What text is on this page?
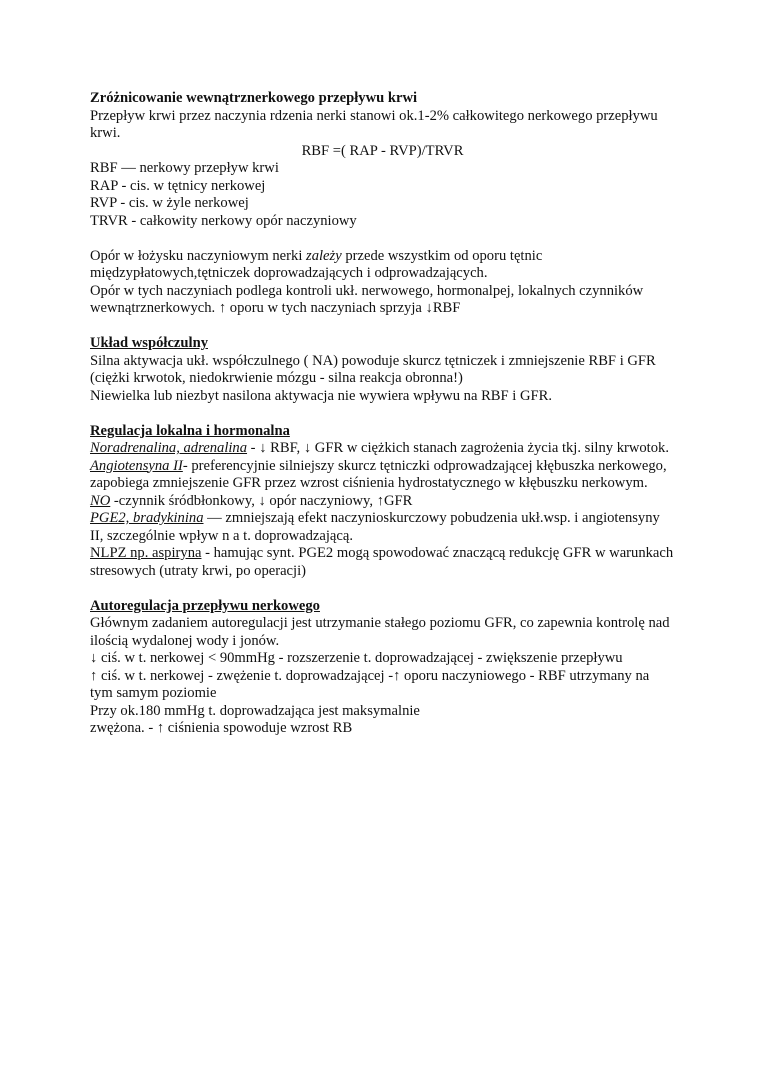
Zróżnicowanie wewnątrznerkowego przepływu krwi

Przepływ krwi przez naczynia rdzenia nerki stanowi ok.1-2% całkowitego nerkowego przepływu krwi.

RBF =( RAP - RVP)/TRVR

RBF — nerkowy przepływ krwi

RAP - cis. w tętnicy nerkowej

RVP - cis. w żyle nerkowej

TRVR - całkowity nerkowy opór naczyniowy

Opór w łożysku naczyniowym nerki zależy przede wszystkim od oporu tętnic międzypłatowych,tętniczek doprowadzających i odprowadzających.

Opór w tych naczyniach podlega kontroli ukł. nerwowego, hormonalpej, lokalnych czynników wewnątrznerkowych. ↑ oporu w tych naczyniach sprzyja ↓RBF

Układ współczulny

Silna aktywacja ukł. współczulnego ( NA) powoduje skurcz tętniczek i zmniejszenie RBF i GFR (ciężki krwotok, niedokrwienie mózgu - silna reakcja obronna!)

Niewielka lub niezbyt nasilona aktywacja nie wywiera wpływu na RBF i GFR.

Regulacja lokalna i hormonalna

Noradrenalina, adrenalina - ↓ RBF, ↓ GFR w ciężkich stanach zagrożenia życia tkj. silny krwotok.

Angiotensyna II- preferencyjnie silniejszy skurcz tętniczki odprowadzającej kłębuszka nerkowego, zapobiega zmniejszenie GFR przez wzrost ciśnienia hydrostatycznego w kłębuszku nerkowym.

NO -czynnik śródbłonkowy, ↓ opór naczyniowy, ↑GFR

PGE2, bradykinina — zmniejszają efekt naczynioskurczowy pobudzenia ukł.wsp. i angiotensyny II, szczególnie wpływ n a t. doprowadzającą.

NLPZ np. aspiryna - hamując synt. PGE2 mogą spowodować znaczącą redukcję GFR w warunkach stresowych (utraty krwi, po operacji)

Autoregulacja przepływu nerkowego

Głównym zadaniem autoregulacji jest utrzymanie stałego poziomu GFR, co zapewnia kontrolę nad ilością wydalonej wody i jonów.

↓ ciś. w t. nerkowej < 90mmHg - rozszerzenie t. doprowadzającej - zwiększenie przepływu

↑ ciś. w t. nerkowej - zwężenie t. doprowadzającej -↑ oporu naczyniowego - RBF utrzymany na tym samym poziomie

Przy ok.180 mmHg t. doprowadzająca jest maksymalnie

zwężona. - ↑ ciśnienia spowoduje wzrost RB
